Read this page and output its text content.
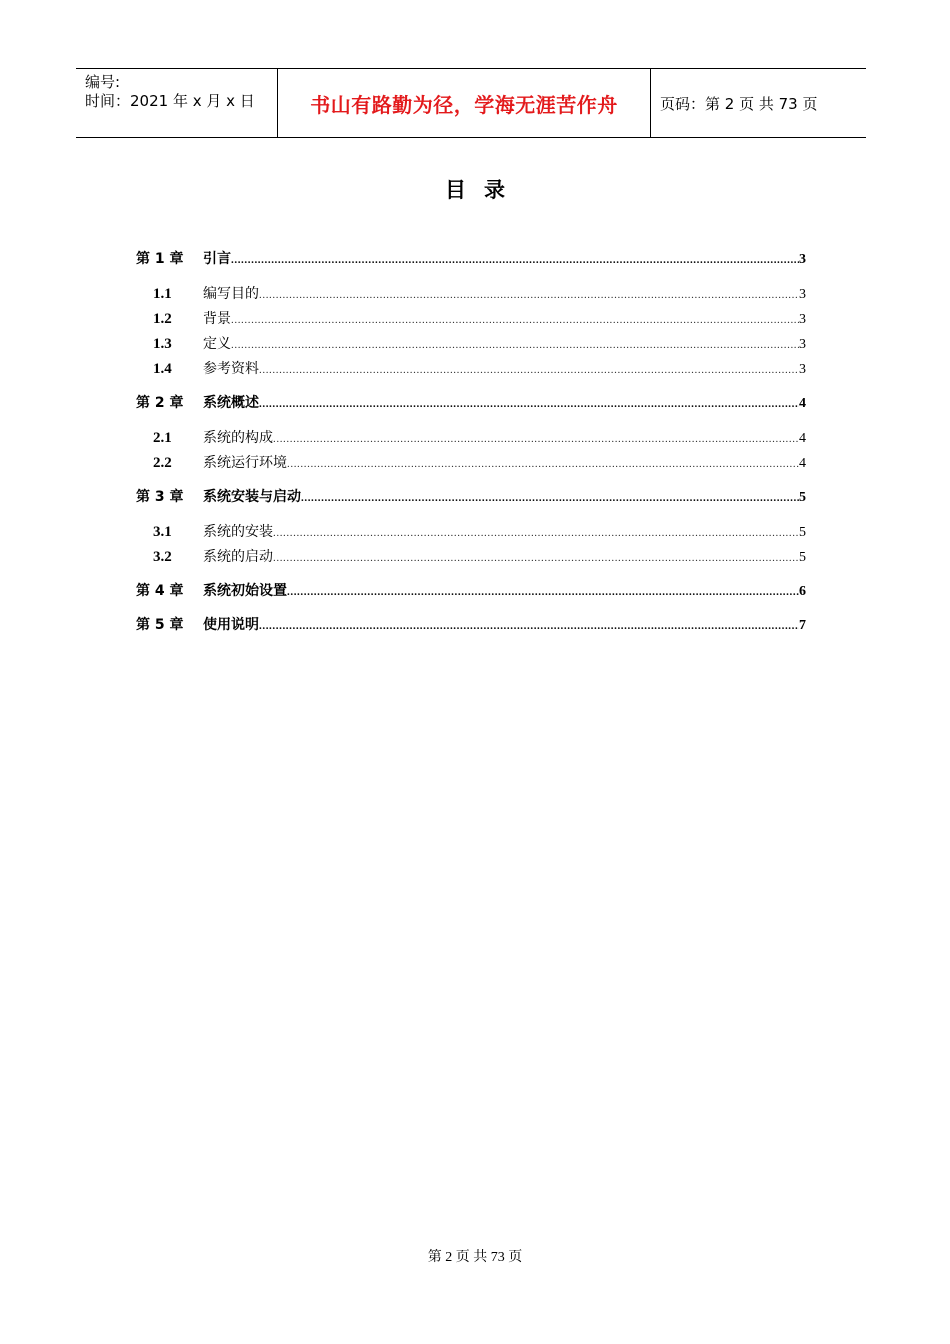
编号:
时间：2021 年 x 月 x 日	书山有路勤为径，学海无涯苦作舟	页码：第 2 页 共 73 页
目录
第 1 章	引言 .....	3
1.1	编写目的 .....	3
1.2	背景 .....	3
1.3	定义 .....	3
1.4	参考资料 .....	3
第 2 章	系统概述 .....	4
2.1	系统的构成 .....	4
2.2	系统运行环境 .....	4
第 3 章	系统安装与启动 .....	5
3.1	系统的安装 .....	5
3.2	系统的启动 .....	5
第 4 章	系统初始设置 .....	6
第 5 章	使用说明 .....	7
第 2 页 共 73 页
